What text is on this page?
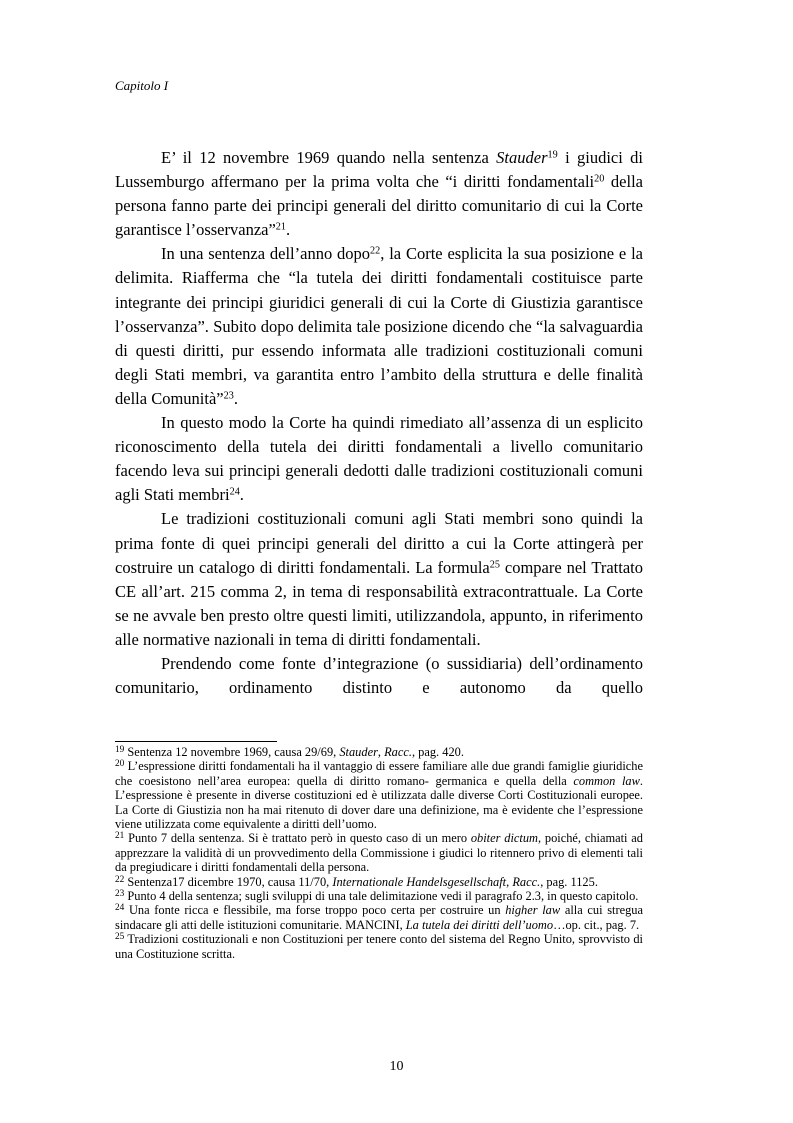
Capitolo I

E’ il 12 novembre 1969 quando nella sentenza Stauder$^{19}$ i giudici di Lussemburgo affermano per la prima volta che “i diritti fondamentali$^{20}$ della persona fanno parte dei principi generali del diritto comunitario di cui la Corte garantisce l’osservanza”$^{21}$.

In una sentenza dell’anno dopo$^{22}$, la Corte esplicita la sua posizione e la delimita. Riafferma che “la tutela dei diritti fondamentali costituisce parte integrante dei principi giuridici generali di cui la Corte di Giustizia garantisce l’osservanza”. Subito dopo delimita tale posizione dicendo che “la salvaguardia di questi diritti, pur essendo informata alle tradizioni costituzionali comuni degli Stati membri, va garantita entro l’ambito della struttura e delle finalità della Comunità”$^{23}$.

In questo modo la Corte ha quindi rimediato all’assenza di un esplicito riconoscimento della tutela dei diritti fondamentali a livello comunitario facendo leva sui principi generali dedotti dalle tradizioni costituzionali comuni agli Stati membri$^{24}$.

Le tradizioni costituzionali comuni agli Stati membri sono quindi la prima fonte di quei principi generali del diritto a cui la Corte attingerà per costruire un catalogo di diritti fondamentali. La formula$^{25}$ compare nel Trattato CE all’art. 215 comma 2, in tema di responsabilità extracontrattuale. La Corte se ne avvale ben presto oltre questi limiti, utilizzandola, appunto, in riferimento alle normative nazionali in tema di diritti fondamentali.

Prendendo come fonte d’integrazione (o sussidiaria) dell’ordinamento comunitario, ordinamento distinto e autonomo da quello

$^{19}$ Sentenza 12 novembre 1969, causa 29/69, Stauder, Racc., pag. 420.

$^{20}$ L’espressione diritti fondamentali ha il vantaggio di essere familiare alle due grandi famiglie giuridiche che coesistono nell’area europea: quella di diritto romano- germanica e quella della common law. L’espressione è presente in diverse costituzioni ed è utilizzata dalle diverse Corti Costituzionali europee. La Corte di Giustizia non ha mai ritenuto di dover dare una definizione, ma è evidente che l’espressione viene utilizzata come equivalente a diritti dell’uomo.

$^{21}$ Punto 7 della sentenza. Si è trattato però in questo caso di un mero obiter dictum, poiché, chiamati ad apprezzare la validità di un provvedimento della Commissione i giudici lo ritennero privo di elementi tali da pregiudicare i diritti fondamentali della persona.

$^{22}$ Sentenza17 dicembre 1970, causa 11/70, Internationale Handelsgesellschaft, Racc., pag. 1125.

$^{23}$ Punto 4 della sentenza; sugli sviluppi di una tale delimitazione vedi il paragrafo 2.3, in questo capitolo.

$^{24}$ Una fonte ricca e flessibile, ma forse troppo poco certa per costruire un higher law alla cui stregua sindacare gli atti delle istituzioni comunitarie. MANCINI, La tutela dei diritti dell’uomo…op. cit., pag. 7.

$^{25}$ Tradizioni costituzionali e non Costituzioni per tenere conto del sistema del Regno Unito, sprovvisto di una Costituzione scritta.

10
